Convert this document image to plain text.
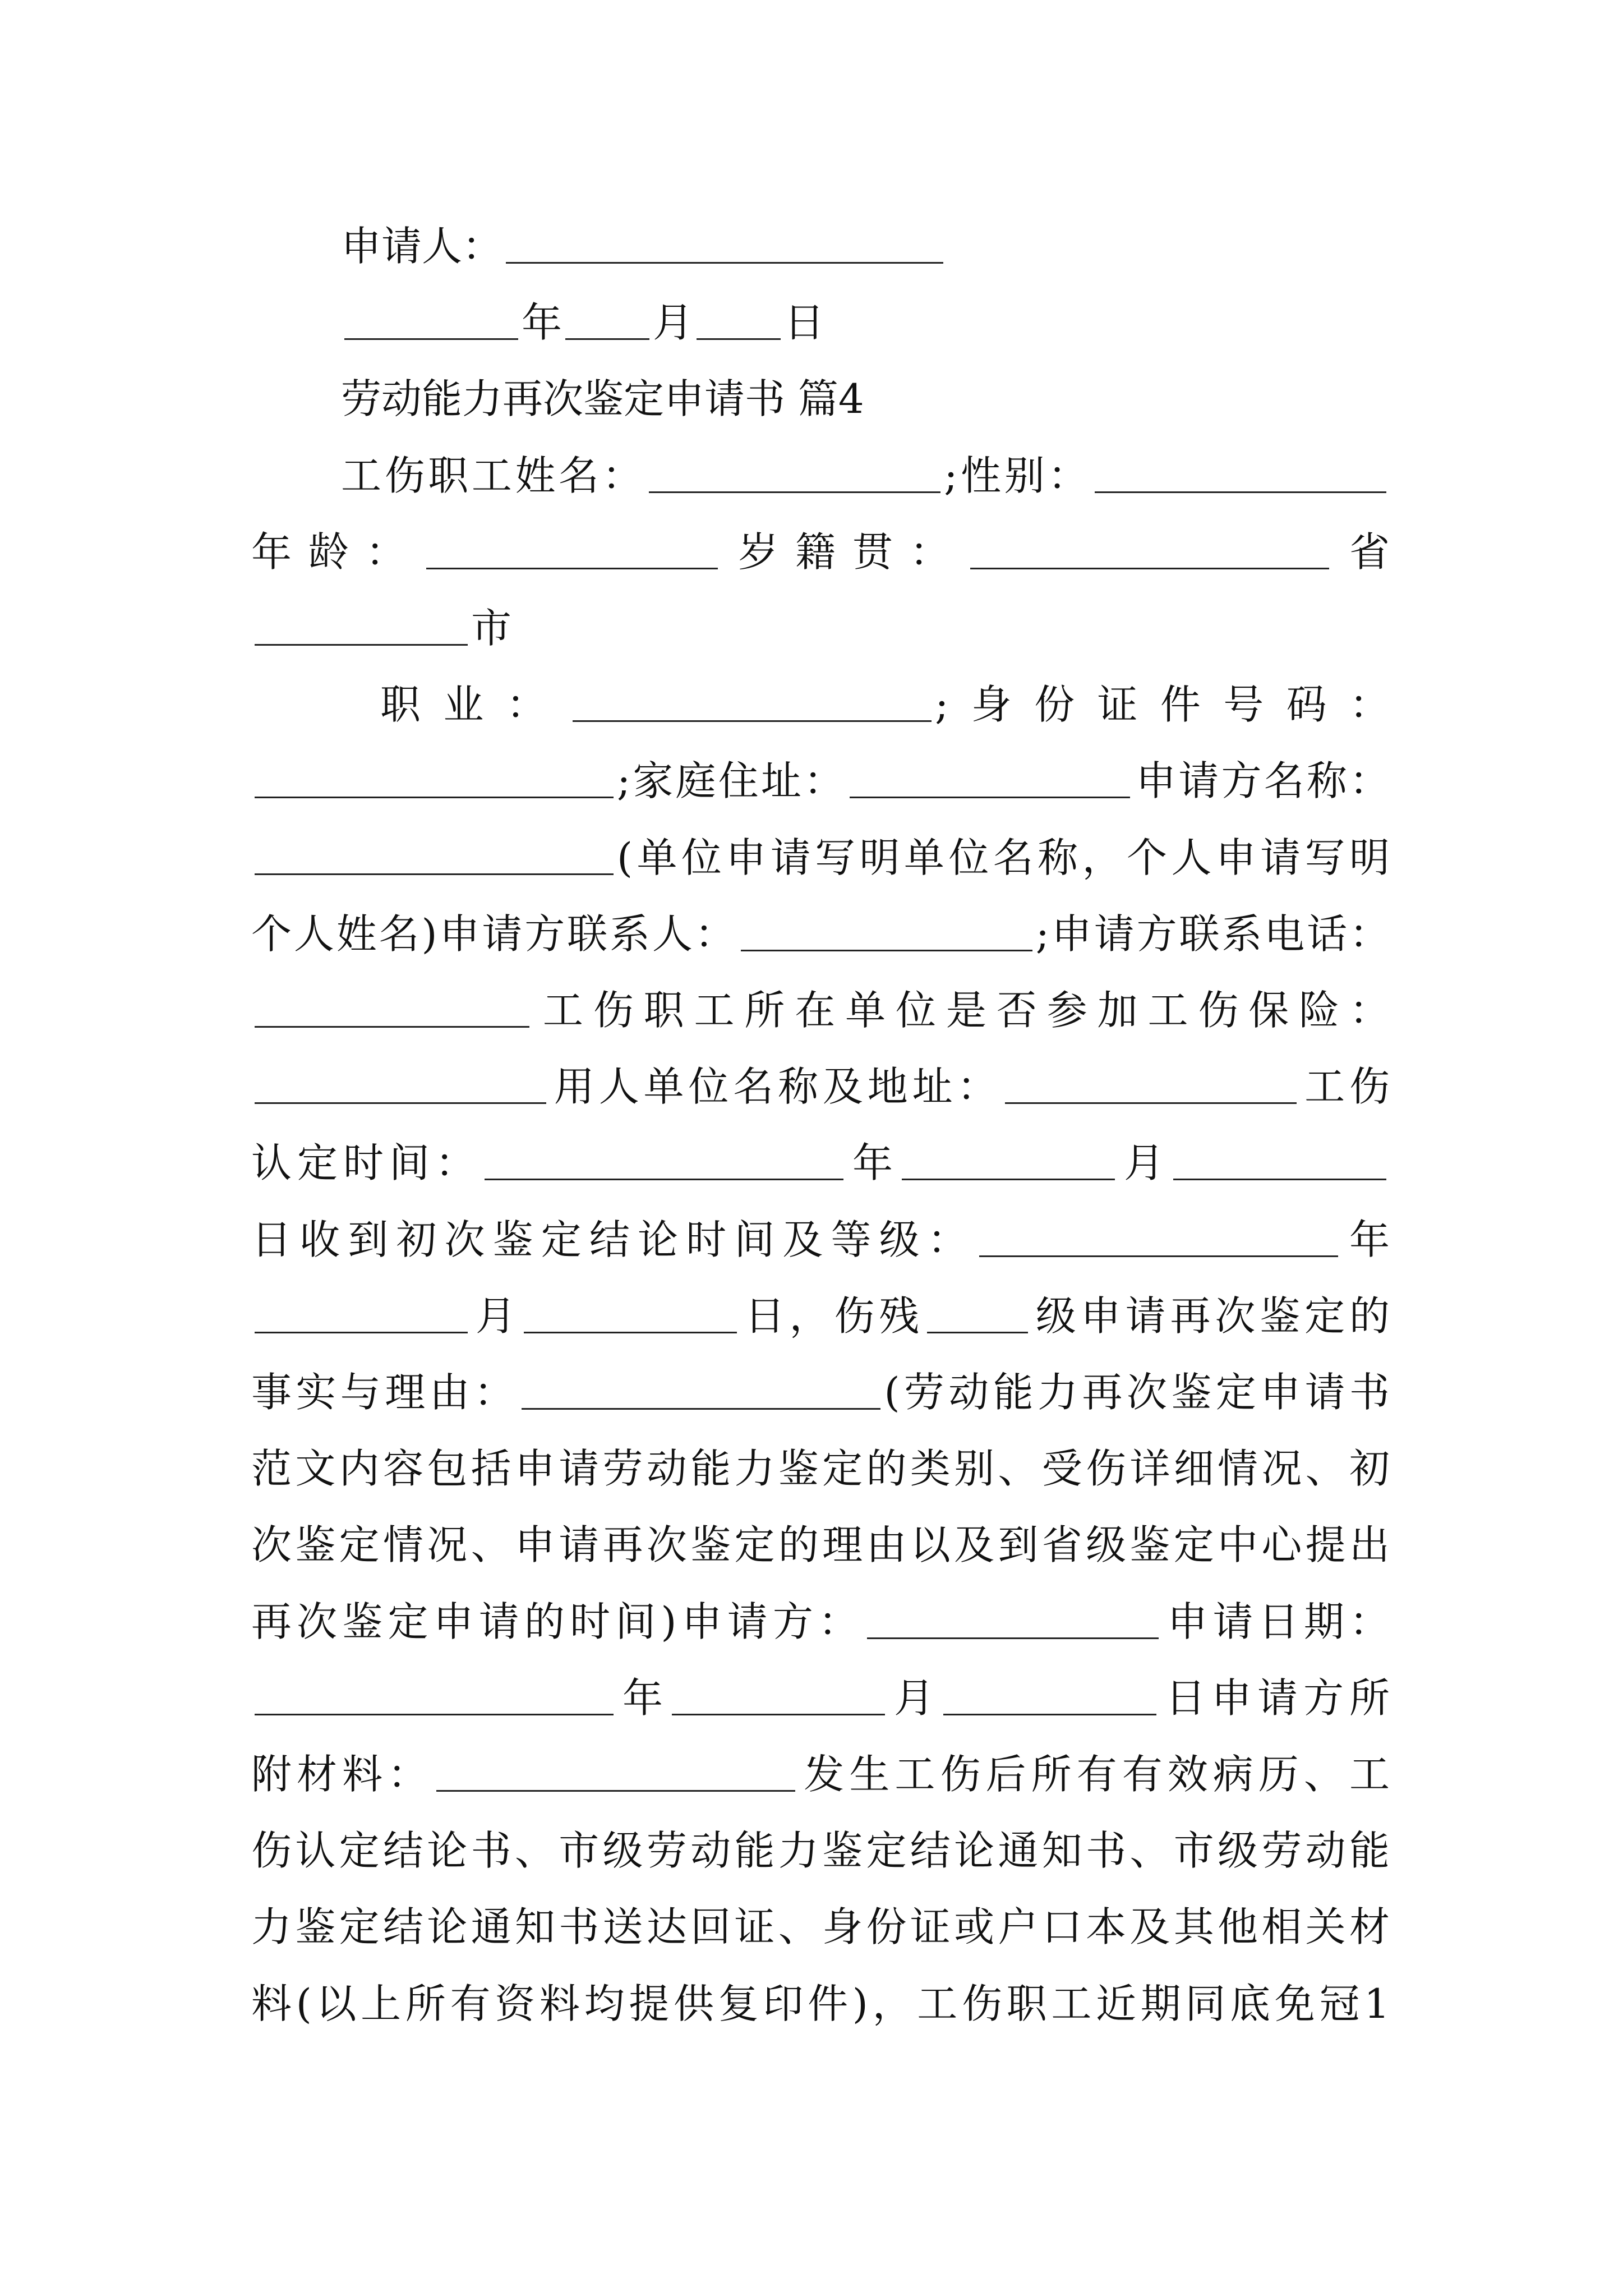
申请人：
年 月 日
劳动能力再次鉴定申请书 篇4
工伤职工姓名：	;性别：
年龄：	岁籍贯：	省
市
职业：	;身份证件号码：
;家庭住址：	申请方名称：
(单位申请写明单位名称，个人申请写明
个人姓名)申请方联系人：	;申请方联系电话：
工伤职工所在单位是否参加工伤保险：
用人单位名称及地址：	工伤
认定时间：	年	月
日收到初次鉴定结论时间及等级：	年
月	日，伤残	级申请再次鉴定的
事实与理由：	(劳动能力再次鉴定申请书
范文内容包括申请劳动能力鉴定的类别、受伤详细情况、初
次鉴定情况、申请再次鉴定的理由以及到省级鉴定中心提出
再次鉴定申请的时间)申请方：	申请日期：
年	月	日申请方所
附材料：	发生工伤后所有有效病历、工
伤认定结论书、市级劳动能力鉴定结论通知书、市级劳动能
力鉴定结论通知书送达回证、身份证或户口本及其他相关材
料(以上所有资料均提供复印件)，工伤职工近期同底免冠1
